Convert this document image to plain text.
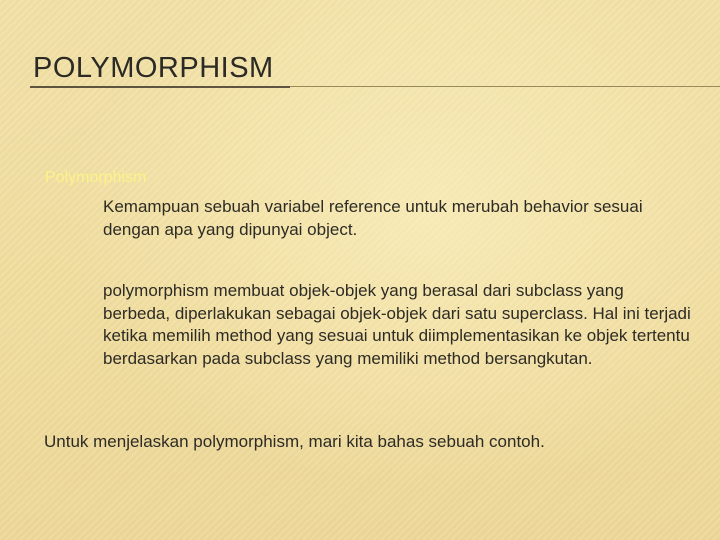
POLYMORPHISM
Polymorphism
Kemampuan sebuah variabel reference untuk merubah behavior sesuai dengan apa yang dipunyai object.
polymorphism membuat objek-objek yang berasal dari subclass yang berbeda, diperlakukan sebagai objek-objek dari satu superclass. Hal ini terjadi ketika memilih method yang sesuai untuk diimplementasikan ke objek tertentu berdasarkan pada subclass yang memiliki method bersangkutan.
Untuk menjelaskan polymorphism, mari kita bahas sebuah contoh.
